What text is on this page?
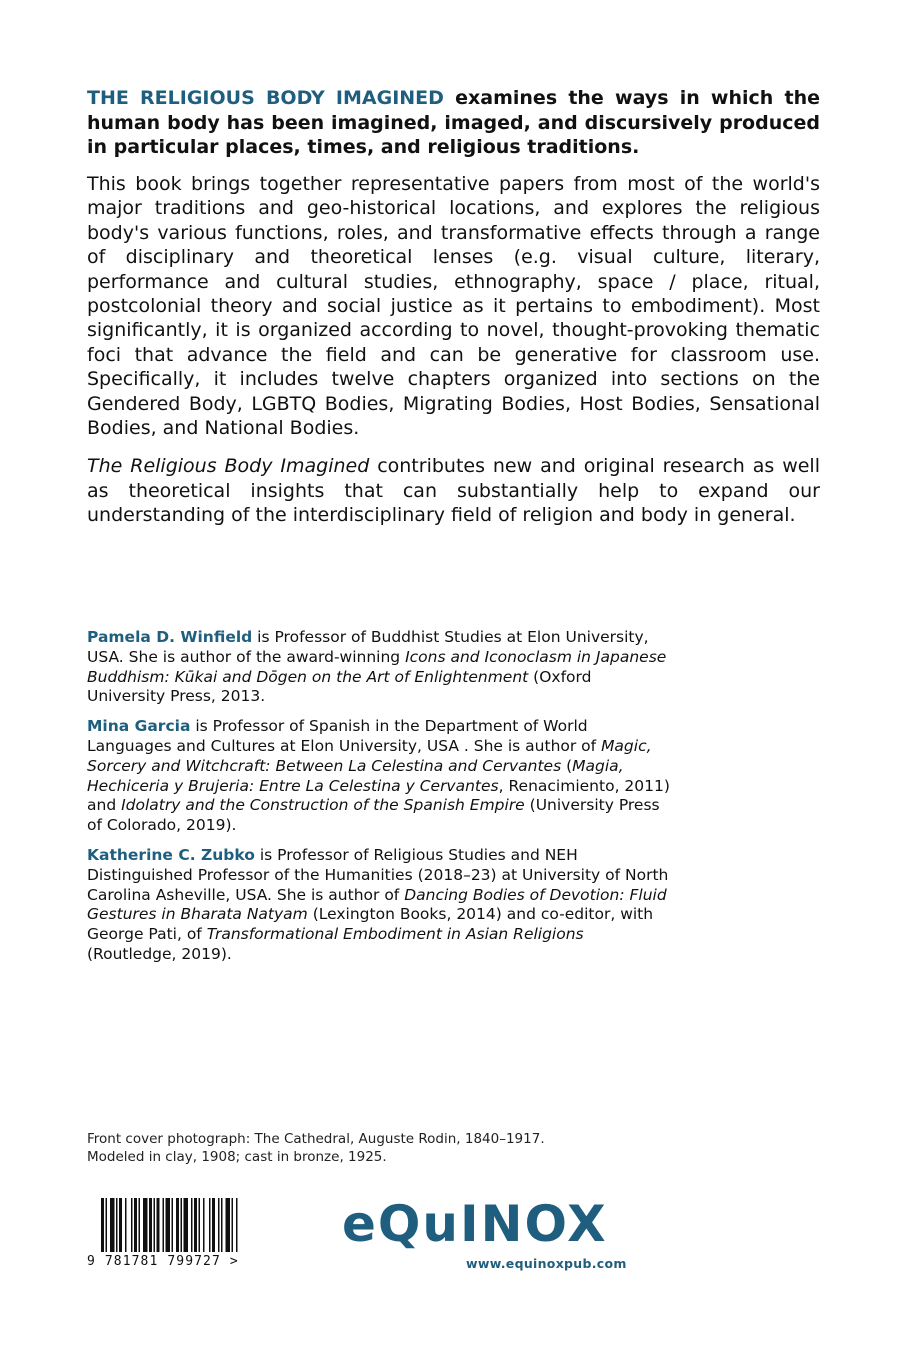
THE RELIGIOUS BODY IMAGINED examines the ways in which the human body has been imagined, imaged, and discursively produced in particular places, times, and religious traditions.

This book brings together representative papers from most of the world's major traditions and geo-historical locations, and explores the religious body's various functions, roles, and transformative effects through a range of disciplinary and theoretical lenses (e.g. visual culture, literary, performance and cultural studies, ethnography, space / place, ritual, postcolonial theory and social justice as it pertains to embodiment). Most significantly, it is organized according to novel, thought-provoking thematic foci that advance the field and can be generative for classroom use. Specifically, it includes twelve chapters organized into sections on the Gendered Body, LGBTQ Bodies, Migrating Bodies, Host Bodies, Sensational Bodies, and National Bodies.

The Religious Body Imagined contributes new and original research as well as theoretical insights that can substantially help to expand our understanding of the interdisciplinary field of religion and body in general.

Pamela D. Winfield is Professor of Buddhist Studies at Elon University, USA. She is author of the award-winning Icons and Iconoclasm in Japanese Buddhism: Kūkai and Dōgen on the Art of Enlightenment (Oxford University Press, 2013.

Mina Garcia is Professor of Spanish in the Department of World Languages and Cultures at Elon University, USA . She is author of Magic, Sorcery and Witchcraft: Between La Celestina and Cervantes (Magia, Hechiceria y Brujeria: Entre La Celestina y Cervantes, Renacimiento, 2011) and Idolatry and the Construction of the Spanish Empire (University Press of Colorado, 2019).

Katherine C. Zubko is Professor of Religious Studies and NEH Distinguished Professor of the Humanities (2018–23) at University of North Carolina Asheville, USA. She is author of Dancing Bodies of Devotion: Fluid Gestures in Bharata Natyam (Lexington Books, 2014) and co-editor, with George Pati, of Transformational Embodiment in Asian Religions (Routledge, 2019).

Front cover photograph: The Cathedral, Auguste Rodin, 1840–1917.
Modeled in clay, 1908; cast in bronze, 1925.

9 781781 799727 >
eQuINOX
www.equinoxpub.com
